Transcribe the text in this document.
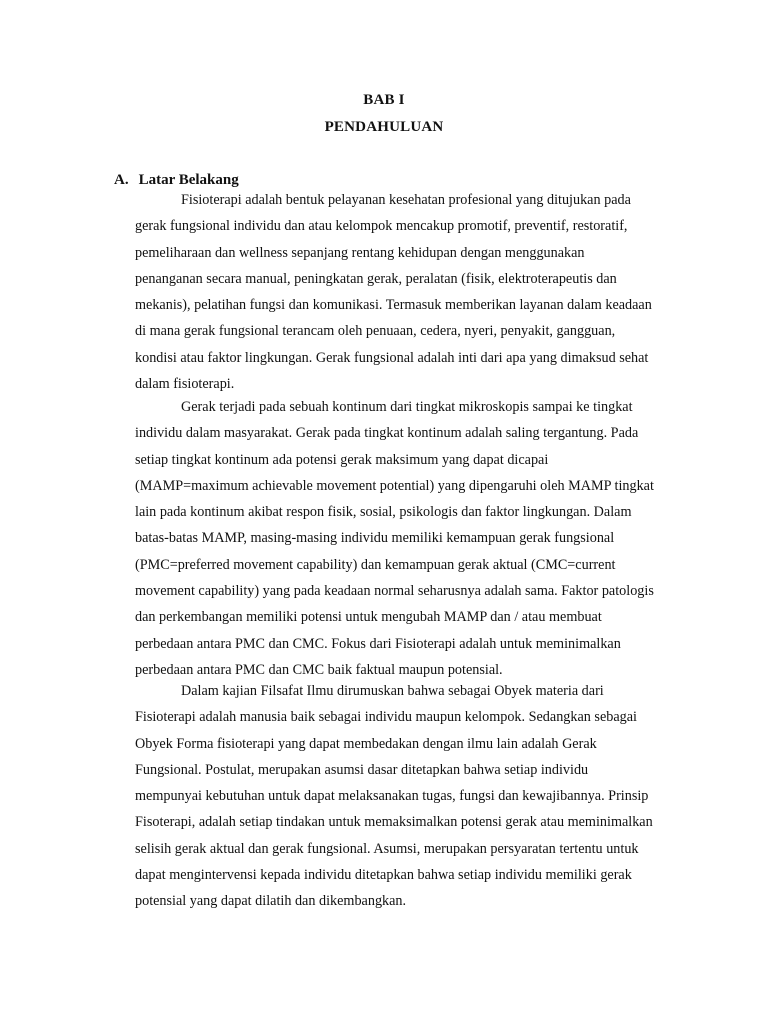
BAB I
PENDAHULUAN
A. Latar Belakang

Fisioterapi adalah bentuk pelayanan kesehatan profesional yang ditujukan pada gerak fungsional individu dan atau kelompok mencakup promotif, preventif, restoratif, pemeliharaan dan wellness sepanjang rentang kehidupan dengan menggunakan penanganan secara manual, peningkatan gerak, peralatan (fisik, elektroterapeutis dan mekanis), pelatihan fungsi dan komunikasi. Termasuk memberikan layanan dalam keadaan di mana gerak fungsional terancam oleh penuaan, cedera, nyeri, penyakit, gangguan, kondisi atau faktor lingkungan. Gerak fungsional adalah inti dari apa yang dimaksud sehat dalam fisioterapi.

Gerak terjadi pada sebuah kontinum dari tingkat mikroskopis sampai ke tingkat individu dalam masyarakat. Gerak pada tingkat kontinum adalah saling tergantung. Pada setiap tingkat kontinum ada potensi gerak maksimum yang dapat dicapai (MAMP=maximum achievable movement potential) yang dipengaruhi oleh MAMP tingkat lain pada kontinum akibat respon fisik, sosial, psikologis dan faktor lingkungan. Dalam batas-batas MAMP, masing-masing individu memiliki kemampuan gerak fungsional (PMC=preferred movement capability) dan kemampuan gerak aktual (CMC=current movement capability) yang pada keadaan normal seharusnya adalah sama. Faktor patologis dan perkembangan memiliki potensi untuk mengubah MAMP dan / atau membuat perbedaan antara PMC dan CMC. Fokus dari Fisioterapi adalah untuk meminimalkan perbedaan antara PMC dan CMC baik faktual maupun potensial.

Dalam kajian Filsafat Ilmu dirumuskan bahwa sebagai Obyek materia dari Fisioterapi adalah manusia baik sebagai individu maupun kelompok. Sedangkan sebagai Obyek Forma fisioterapi yang dapat membedakan dengan ilmu lain adalah Gerak Fungsional. Postulat, merupakan asumsi dasar ditetapkan bahwa setiap individu mempunyai kebutuhan untuk dapat melaksanakan tugas, fungsi dan kewajibannya. Prinsip Fisoterapi, adalah setiap tindakan untuk memaksimalkan potensi gerak atau meminimalkan selisih gerak aktual dan gerak fungsional. Asumsi, merupakan persyaratan tertentu untuk dapat mengintervensi kepada individu ditetapkan bahwa setiap individu memiliki gerak potensial yang dapat dilatih dan dikembangkan.
